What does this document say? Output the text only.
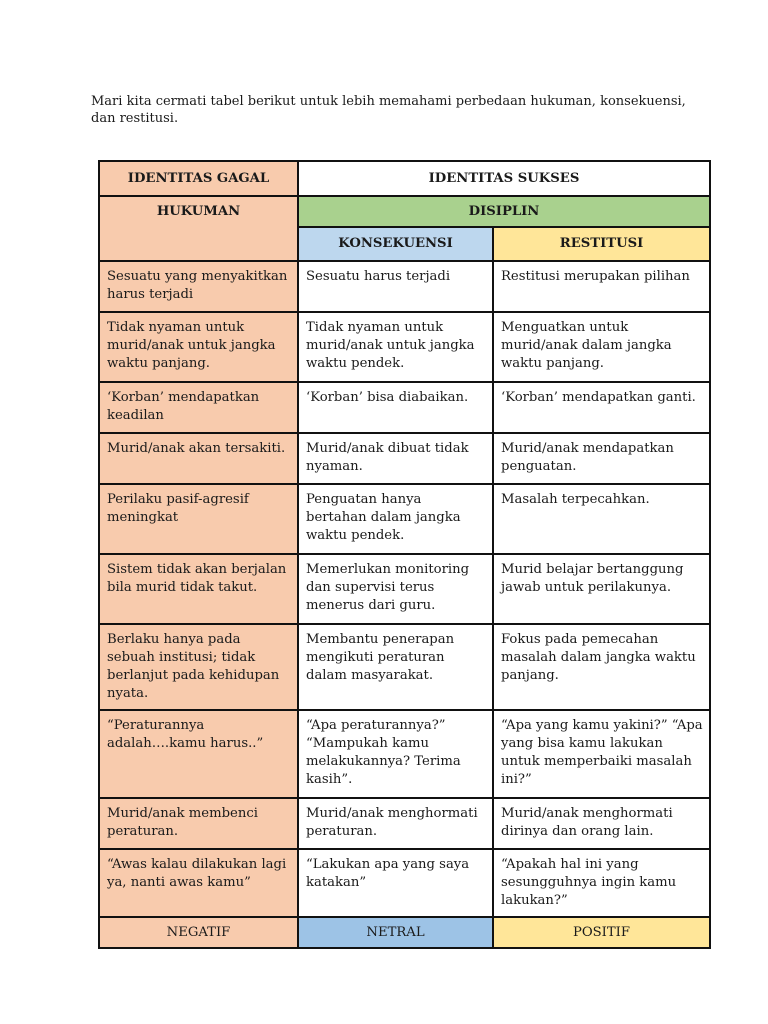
Mari kita cermati tabel berikut untuk lebih memahami perbedaan hukuman, konsekuensi, dan restitusi.

IDENTITAS GAGAL	IDENTITAS SUKSES	
HUKUMAN	DISIPLIN	
	KONSEKUENSI	RESTITUSI
Sesuatu yang menyakitkan harus terjadi	Sesuatu harus terjadi	Restitusi merupakan pilihan
Tidak nyaman untuk murid/anak untuk jangka waktu panjang.	Tidak nyaman untuk murid/anak untuk jangka waktu pendek.	Menguatkan untuk murid/anak dalam jangka waktu panjang.
‘Korban’ mendapatkan keadilan	‘Korban’ bisa diabaikan.	‘Korban’ mendapatkan ganti.
Murid/anak akan tersakiti.	Murid/anak dibuat tidak nyaman.	Murid/anak mendapatkan penguatan.
Perilaku pasif-agresif meningkat	Penguatan hanya bertahan dalam jangka waktu pendek.	Masalah terpecahkan.
Sistem tidak akan berjalan bila murid tidak takut.	Memerlukan monitoring dan supervisi terus menerus dari guru.	Murid belajar bertanggung jawab untuk perilakunya.
Berlaku hanya pada sebuah institusi; tidak berlanjut pada kehidupan nyata.	Membantu penerapan mengikuti peraturan dalam masyarakat.	Fokus pada pemecahan masalah dalam jangka waktu panjang.
“Peraturannya adalah….kamu harus..”	“Apa peraturannya?” “Mampukah kamu melakukannya? Terima kasih”.	“Apa yang kamu yakini?” “Apa yang bisa kamu lakukan untuk memperbaiki masalah ini?”
Murid/anak membenci peraturan.	Murid/anak menghormati peraturan.	Murid/anak menghormati dirinya dan orang lain.
“Awas kalau dilakukan lagi ya, nanti awas kamu”	“Lakukan apa yang saya katakan”	“Apakah hal ini yang sesungguhnya ingin kamu lakukan?”
NEGATIF	NETRAL	POSITIF
